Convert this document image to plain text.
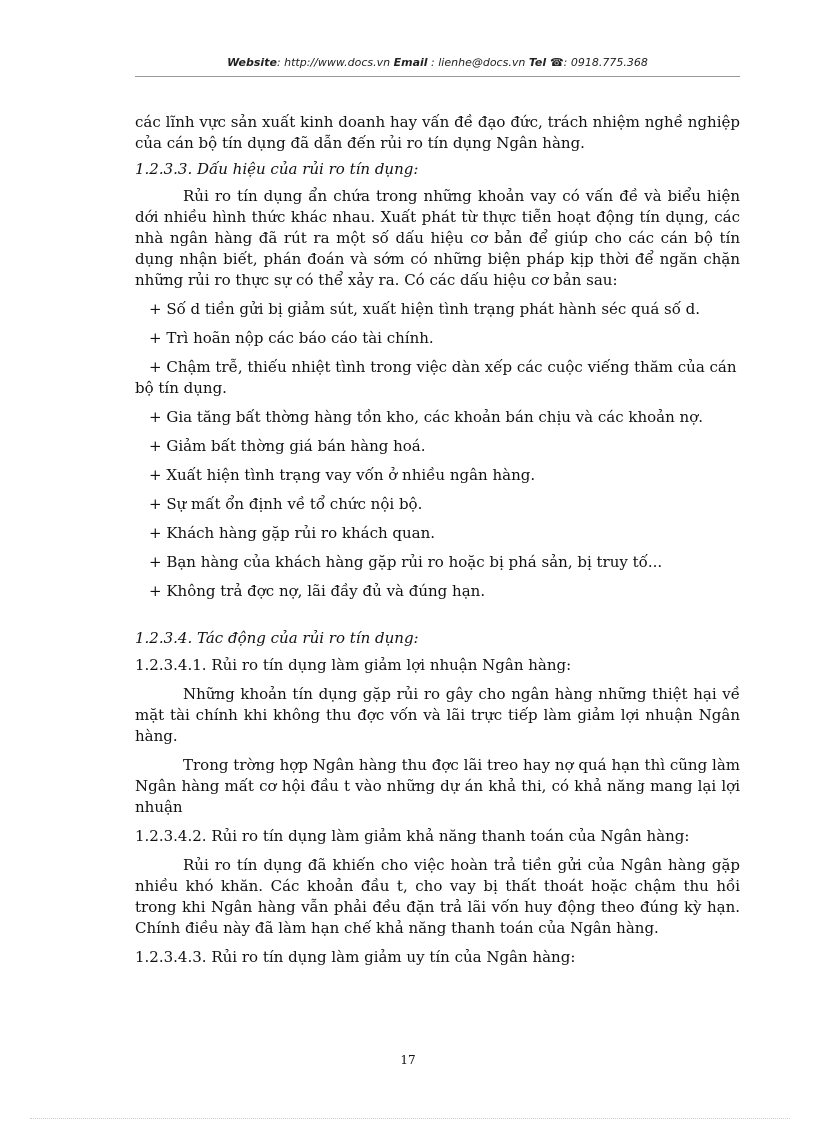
Website: http://www.docs.vn Email : lienhe@docs.vn Tel ☎: 0918.775.368

các lĩnh vực sản xuất kinh doanh hay vấn đề đạo đức, trách nhiệm nghề nghiệp của cán bộ tín dụng đã dẫn đến rủi ro tín dụng Ngân hàng.

1.2.3.3. Dấu hiệu của rủi ro tín dụng:

Rủi ro tín dụng ẩn chứa trong những khoản vay có vấn đề và biểu hiện dới nhiều hình thức khác nhau. Xuất phát từ thực tiễn hoạt động tín dụng, các nhà ngân hàng đã rút ra một số dấu hiệu cơ bản để giúp cho các cán bộ tín dụng nhận biết, phán đoán và sớm có những biện pháp kịp thời để ngăn chặn những rủi ro thực sự có thể xảy ra. Có các dấu hiệu cơ bản sau:

+ Số d tiền gửi bị giảm sút, xuất hiện tình trạng phát hành séc quá số d.

+ Trì hoãn nộp các báo cáo tài chính.

+ Chậm trễ, thiếu nhiệt tình trong việc dàn xếp các cuộc viếng thăm của cán bộ tín dụng.

+ Gia tăng bất thờng hàng tồn kho, các khoản bán chịu và các khoản nợ.

+ Giảm bất thờng giá bán hàng hoá.

+ Xuất hiện tình trạng vay vốn ở nhiều ngân hàng.

+ Sự mất ổn định về tổ chức nội bộ.

+ Khách hàng gặp rủi ro khách quan.

+ Bạn hàng của khách hàng gặp rủi ro hoặc bị phá sản, bị truy tố...

+ Không trả đợc nợ, lãi đầy đủ và đúng hạn.

1.2.3.4. Tác động của rủi ro tín dụng:

1.2.3.4.1. Rủi ro tín dụng làm giảm lợi nhuận Ngân hàng:

Những khoản tín dụng gặp rủi ro gây cho ngân hàng những thiệt hại về mặt tài chính khi không thu đợc vốn và lãi trực tiếp làm giảm lợi nhuận Ngân hàng.

Trong trờng hợp Ngân hàng thu đợc lãi treo hay nợ quá hạn thì cũng làm Ngân hàng mất cơ hội đầu t vào những dự án khả thi, có khả năng mang lại lợi nhuận

1.2.3.4.2. Rủi ro tín dụng làm giảm khả năng thanh toán của Ngân hàng:

Rủi ro tín dụng đã khiến cho việc hoàn trả tiền gửi của Ngân hàng gặp nhiều khó khăn. Các khoản đầu t, cho vay bị thất thoát hoặc chậm thu hồi trong khi Ngân hàng vẫn phải đều đặn trả lãi vốn huy động theo đúng kỳ hạn. Chính điều này đã làm hạn chế khả năng thanh toán của Ngân hàng.

1.2.3.4.3. Rủi ro tín dụng làm giảm uy tín của Ngân hàng:

17
